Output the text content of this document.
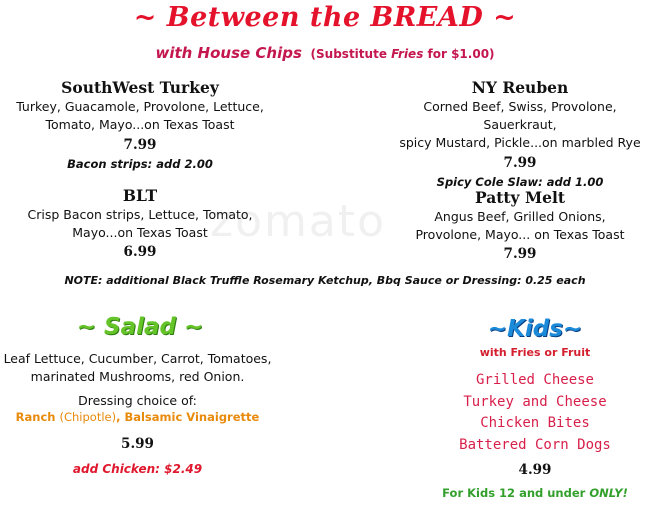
zomato
~ Between the BREAD ~
with House Chips (Substitute Fries for $1.00)
SouthWest Turkey
Turkey, Guacamole, Provolone, Lettuce,
Tomato, Mayo...on Texas Toast
7.99
Bacon strips: add 2.00
NY Reuben
Corned Beef, Swiss, Provolone, Sauerkraut,
spicy Mustard, Pickle...on marbled Rye
7.99
Spicy Cole Slaw: add 1.00
BLT
Crisp Bacon strips, Lettuce, Tomato,
Mayo...on Texas Toast
6.99
Patty Melt
Angus Beef, Grilled Onions,
Provolone, Mayo... on Texas Toast
7.99
NOTE: additional Black Truffle Rosemary Ketchup, Bbq Sauce or Dressing: 0.25 each
~ Salad ~
Leaf Lettuce, Cucumber, Carrot, Tomatoes,
marinated Mushrooms, red Onion.
Dressing choice of:
Ranch (Chipotle), Balsamic Vinaigrette
5.99
add Chicken: $2.49
~Kids~
with Fries or Fruit
Grilled Cheese
Turkey and Cheese
Chicken Bites
Battered Corn Dogs
4.99
For Kids 12 and under ONLY!
